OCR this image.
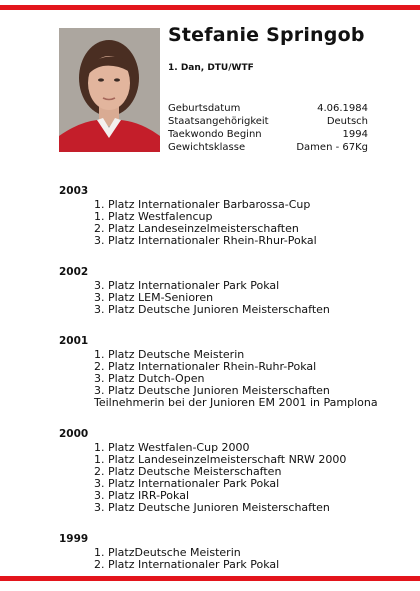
Stefanie Springob
1. Dan, DTU/WTF
Geburtsdatum	4.06.1984
Staatsangehörigkeit	Deutsch
Taekwondo Beginn	1994
Gewichtsklasse	Damen - 67Kg
2003
1. Platz Internationaler Barbarossa-Cup
1. Platz Westfalencup
2. Platz Landeseinzelmeisterschaften
3. Platz Internationaler Rhein-Rhur-Pokal
2002
3. Platz Internationaler Park Pokal
3. Platz LEM-Senioren
3. Platz Deutsche Junioren Meisterschaften
2001
1. Platz Deutsche Meisterin
2. Platz Internationaler Rhein-Ruhr-Pokal
3. Platz Dutch-Open
3. Platz Deutsche Junioren Meisterschaften
Teilnehmerin bei der Junioren EM 2001 in Pamplona
2000
1. Platz Westfalen-Cup 2000
1. Platz Landeseinzelmeisterschaft NRW 2000
2. Platz Deutsche Meisterschaften
3. Platz Internationaler Park Pokal
3. Platz IRR-Pokal
3. Platz Deutsche Junioren Meisterschaften
1999
1. PlatzDeutsche Meisterin
2. Platz Internationaler Park Pokal
